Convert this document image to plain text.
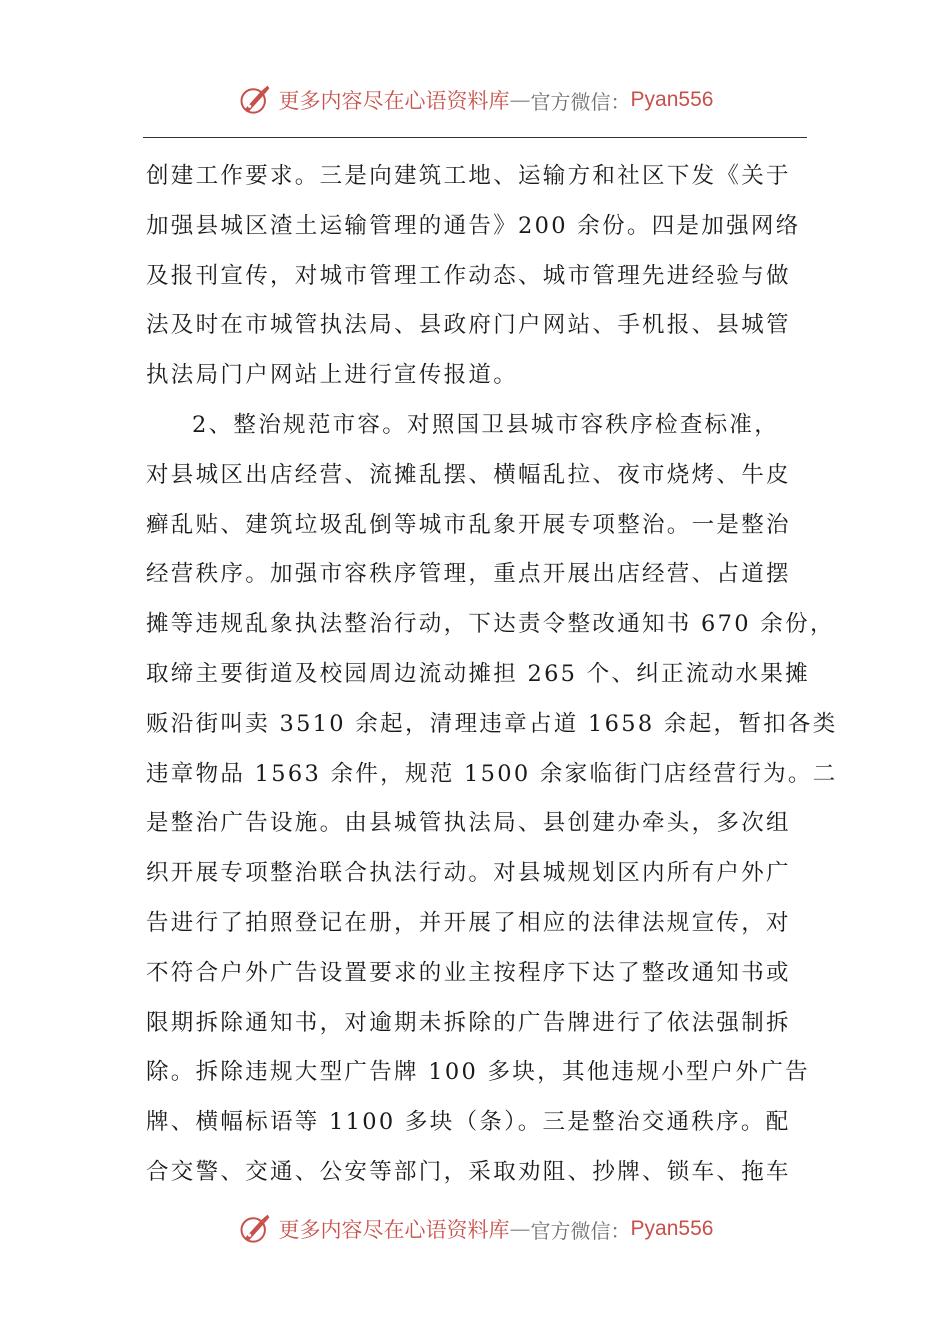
更多内容尽在心语资料库 — 官方微信： Pyan556
创建工作要求。三是向建筑工地、运输方和社区下发《关于
加强县城区渣土运输管理的通告》200 余份。四是加强网络
及报刊宣传，对城市管理工作动态、城市管理先进经验与做
法及时在市城管执法局、县政府门户网站、手机报、县城管
执法局门户网站上进行宣传报道。
2、整治规范市容。对照国卫县城市容秩序检查标准，
对县城区出店经营、流摊乱摆、横幅乱拉、夜市烧烤、牛皮
癣乱贴、建筑垃圾乱倒等城市乱象开展专项整治。一是整治
经营秩序。加强市容秩序管理，重点开展出店经营、占道摆
摊等违规乱象执法整治行动，下达责令整改通知书 670 余份，
取缔主要街道及校园周边流动摊担 265 个、纠正流动水果摊
贩沿街叫卖 3510 余起，清理违章占道 1658 余起，暂扣各类
违章物品 1563 余件，规范 1500 余家临街门店经营行为。二
是整治广告设施。由县城管执法局、县创建办牵头，多次组
织开展专项整治联合执法行动。对县城规划区内所有户外广
告进行了拍照登记在册，并开展了相应的法律法规宣传，对
不符合户外广告设置要求的业主按程序下达了整改通知书或
限期拆除通知书，对逾期未拆除的广告牌进行了依法强制拆
除。拆除违规大型广告牌 100 多块，其他违规小型户外广告
牌、横幅标语等 1100 多块（条）。三是整治交通秩序。配
合交警、交通、公安等部门，采取劝阻、抄牌、锁车、拖车
更多内容尽在心语资料库 — 官方微信： Pyan556
